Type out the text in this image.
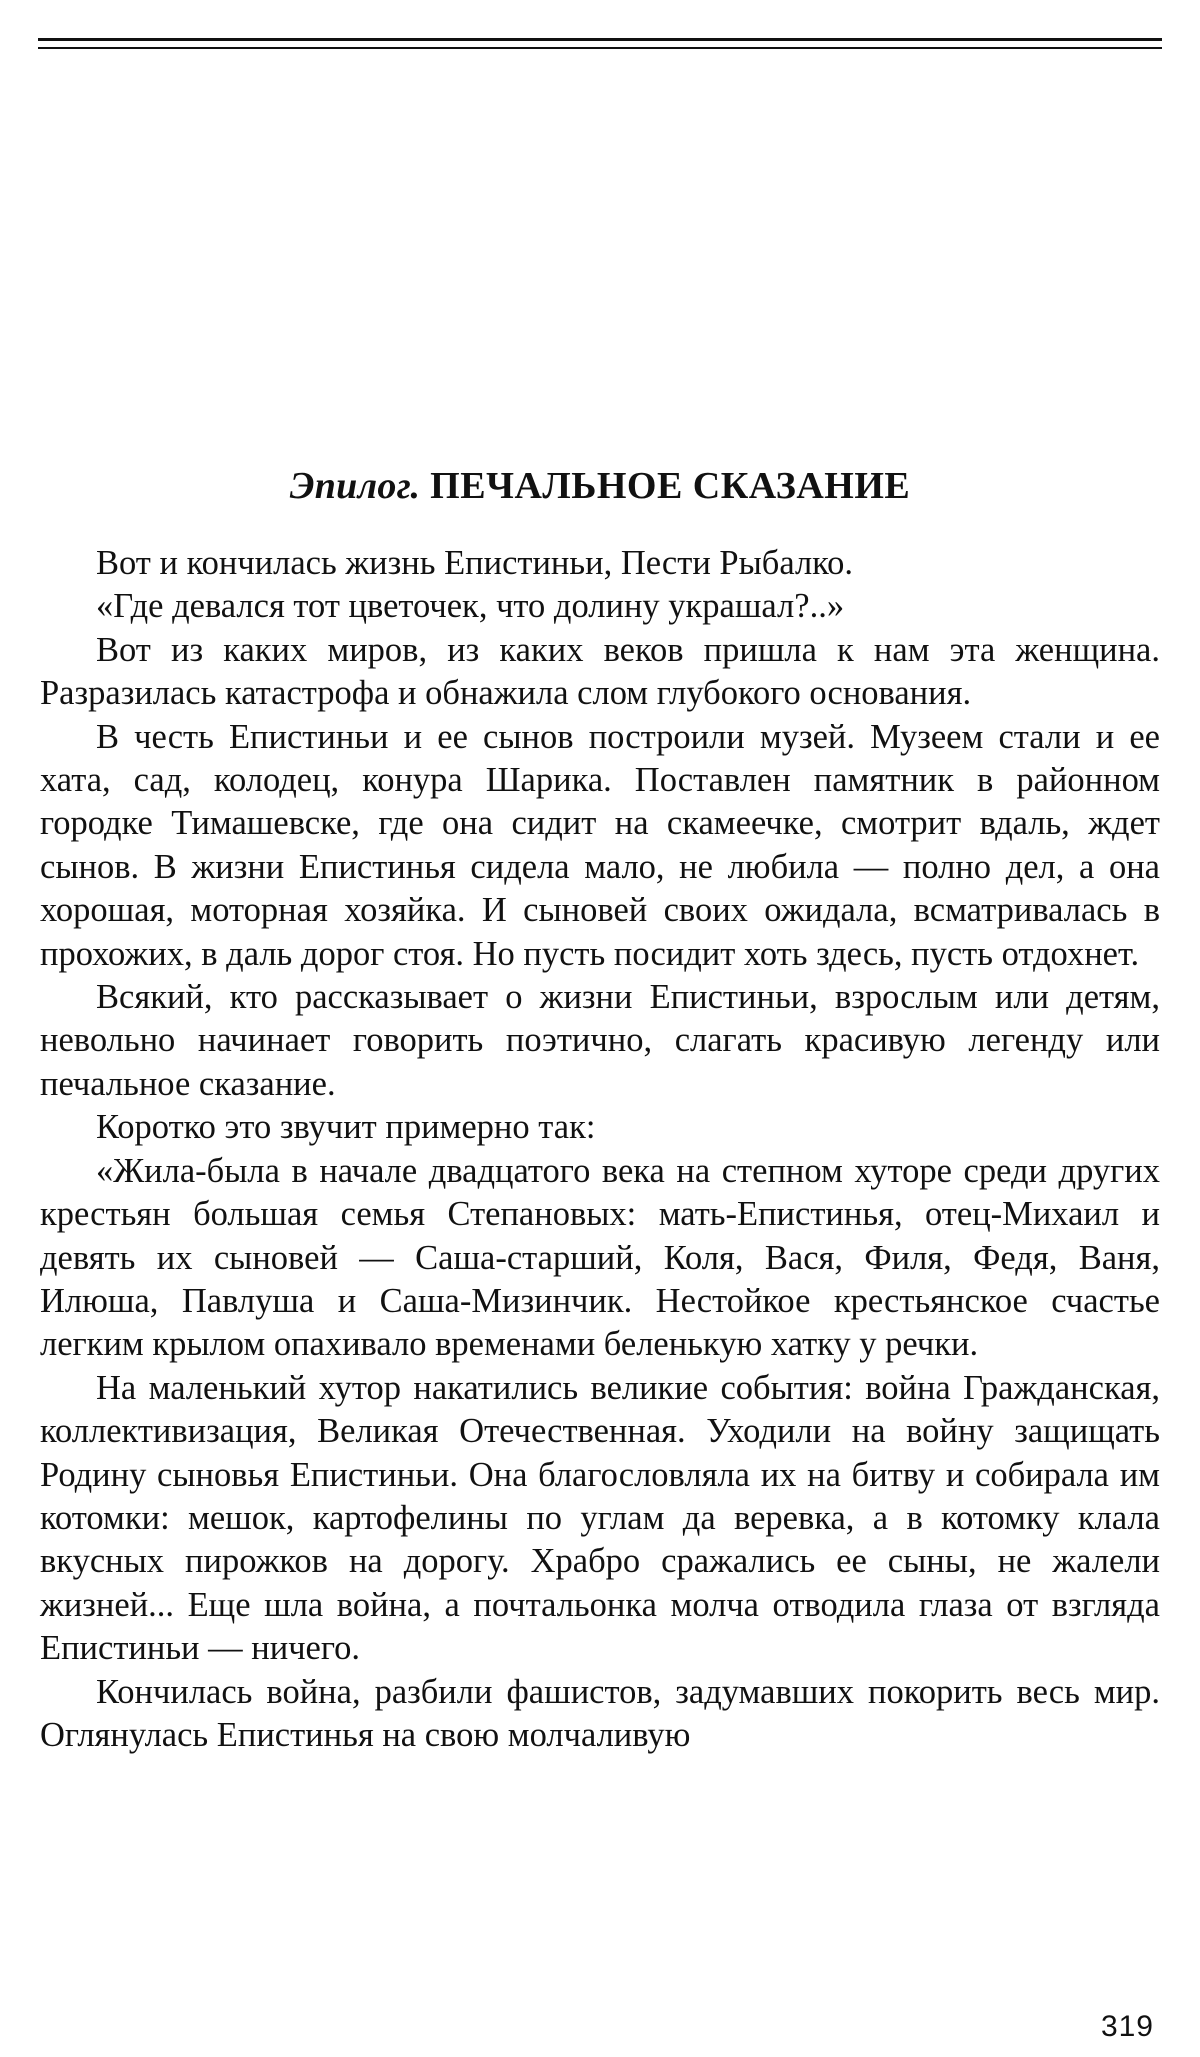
Эпилог. ПЕЧАЛЬНОЕ СКАЗАНИЕ

Вот и кончилась жизнь Епистиньи, Пести Рыбалко.

«Где девался тот цветочек, что долину украшал?..»

Вот из каких миров, из каких веков пришла к нам эта женщина. Разразилась катастрофа и обнажила слом глубокого основания.

В честь Епистиньи и ее сынов построили музей. Музеем стали и ее хата, сад, колодец, конура Шарика. Поставлен памятник в районном городке Тимашевске, где она сидит на скамеечке, смотрит вдаль, ждет сынов. В жизни Епистинья сидела мало, не любила — полно дел, а она хорошая, моторная хозяйка. И сыновей своих ожидала, всматривалась в прохожих, в даль дорог стоя. Но пусть посидит хоть здесь, пусть отдохнет.

Всякий, кто рассказывает о жизни Епистиньи, взрослым или детям, невольно начинает говорить поэтично, слагать красивую легенду или печальное сказание.

Коротко это звучит примерно так:

«Жила-была в начале двадцатого века на степном хуторе среди других крестьян большая семья Степановых: мать-Епистинья, отец-Михаил и девять их сыновей — Саша-старший, Коля, Вася, Филя, Федя, Ваня, Илюша, Павлуша и Саша-Мизинчик. Нестойкое крестьянское счастье легким крылом опахивало временами беленькую хатку у речки.

На маленький хутор накатились великие события: война Гражданская, коллективизация, Великая Отечественная. Уходили на войну защищать Родину сыновья Епистиньи. Она благословляла их на битву и собирала им котомки: мешок, картофелины по углам да веревка, а в котомку клала вкусных пирожков на дорогу. Храбро сражались ее сыны, не жалели жизней... Еще шла война, а почтальонка молча отводила глаза от взгляда Епистиньи — ничего.

Кончилась война, разбили фашистов, задумавших покорить весь мир. Оглянулась Епистинья на свою молчаливую

319
